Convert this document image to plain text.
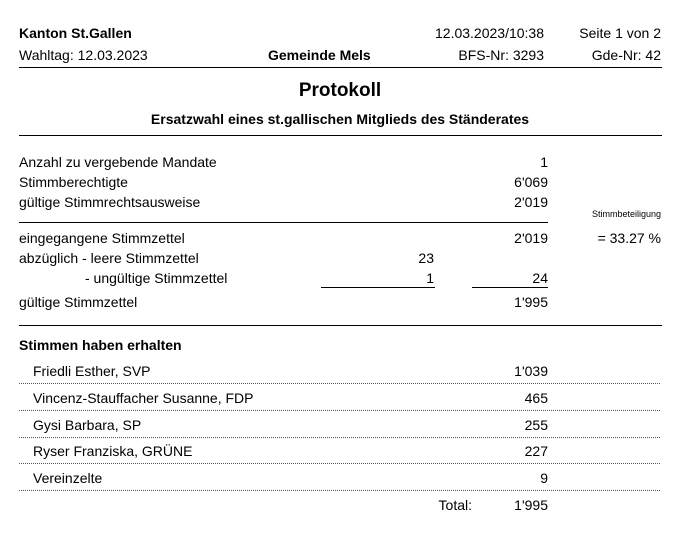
Kanton St.Gallen	12.03.2023/10:38	Seite 1 von 2
Wahltag: 12.03.2023	Gemeinde Mels	BFS-Nr: 3293	Gde-Nr: 42
Protokoll
Ersatzwahl eines st.gallischen Mitglieds des Ständerates
Anzahl zu vergebende Mandate	1
Stimmberechtigte	6'069
gültige Stimmrechtsausweise	2'019
Stimmbeteiligung
eingegangene Stimmzettel	2'019	= 33.27 %
abzüglich - leere Stimmzettel	23
- ungültige Stimmzettel	1	24
gültige Stimmzettel	1'995
Stimmen haben erhalten
Friedli Esther, SVP	1'039
Vincenz-Stauffacher Susanne, FDP	465
Gysi Barbara, SP	255
Ryser Franziska, GRÜNE	227
Vereinzelte	9
Total:	1'995
